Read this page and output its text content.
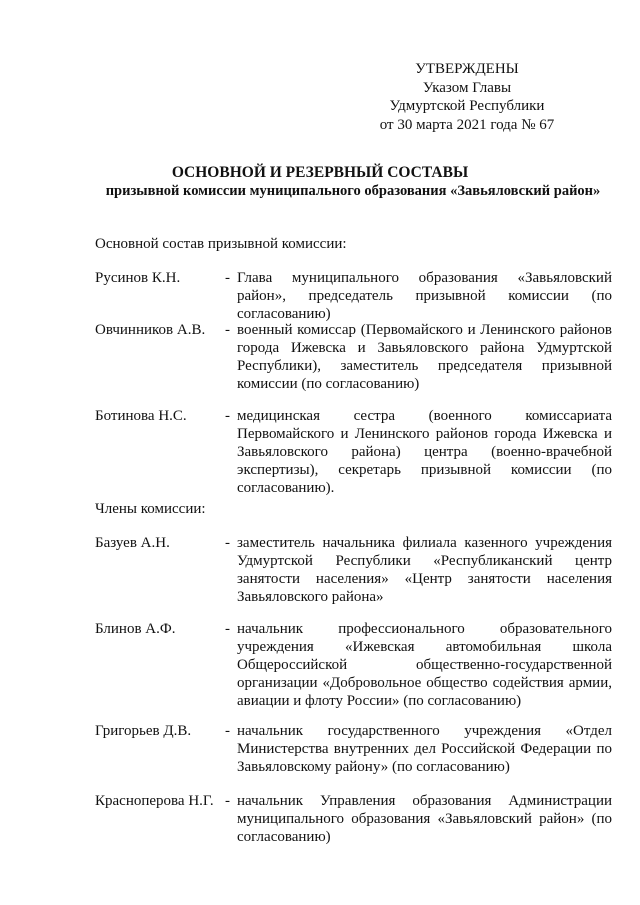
УТВЕРЖДЕНЫ
Указом Главы
Удмуртской Республики
от 30 марта 2021 года № 67
ОСНОВНОЙ И РЕЗЕРВНЫЙ СОСТАВЫ
призывной комиссии муниципального образования «Завьяловский район»
Основной состав призывной комиссии:
Русинов К.Н.	- Глава муниципального образования «Завьяловский район», председатель призывной комиссии (по согласованию)
Овчинников А.В. - военный комиссар (Первомайского и Ленинского районов города Ижевска и Завьяловского района Удмуртской Республики), заместитель председателя призывной комиссии (по согласованию)
Ботинова Н.С.	- медицинская сестра (военного комиссариата Первомайского и Ленинского районов города Ижевска и Завьяловского района) центра (военно-врачебной экспертизы), секретарь призывной комиссии (по согласованию).
Члены комиссии:
Базуев А.Н.	- заместитель начальника филиала казенного учреждения Удмуртской Республики «Республиканский центр занятости населения» «Центр занятости населения Завьяловского района»
Блинов А.Ф.	- начальник профессионального образовательного учреждения «Ижевская автомобильная школа Общероссийской общественно-государственной организации «Добровольное общество содействия армии, авиации и флоту России» (по согласованию)
Григорьев Д.В. - начальник государственного учреждения «Отдел Министерства внутренних дел Российской Федерации по Завьяловскому району» (по согласованию)
Красноперова Н.Г. - начальник Управления образования Администрации муниципального образования «Завьяловский район» (по согласованию)
